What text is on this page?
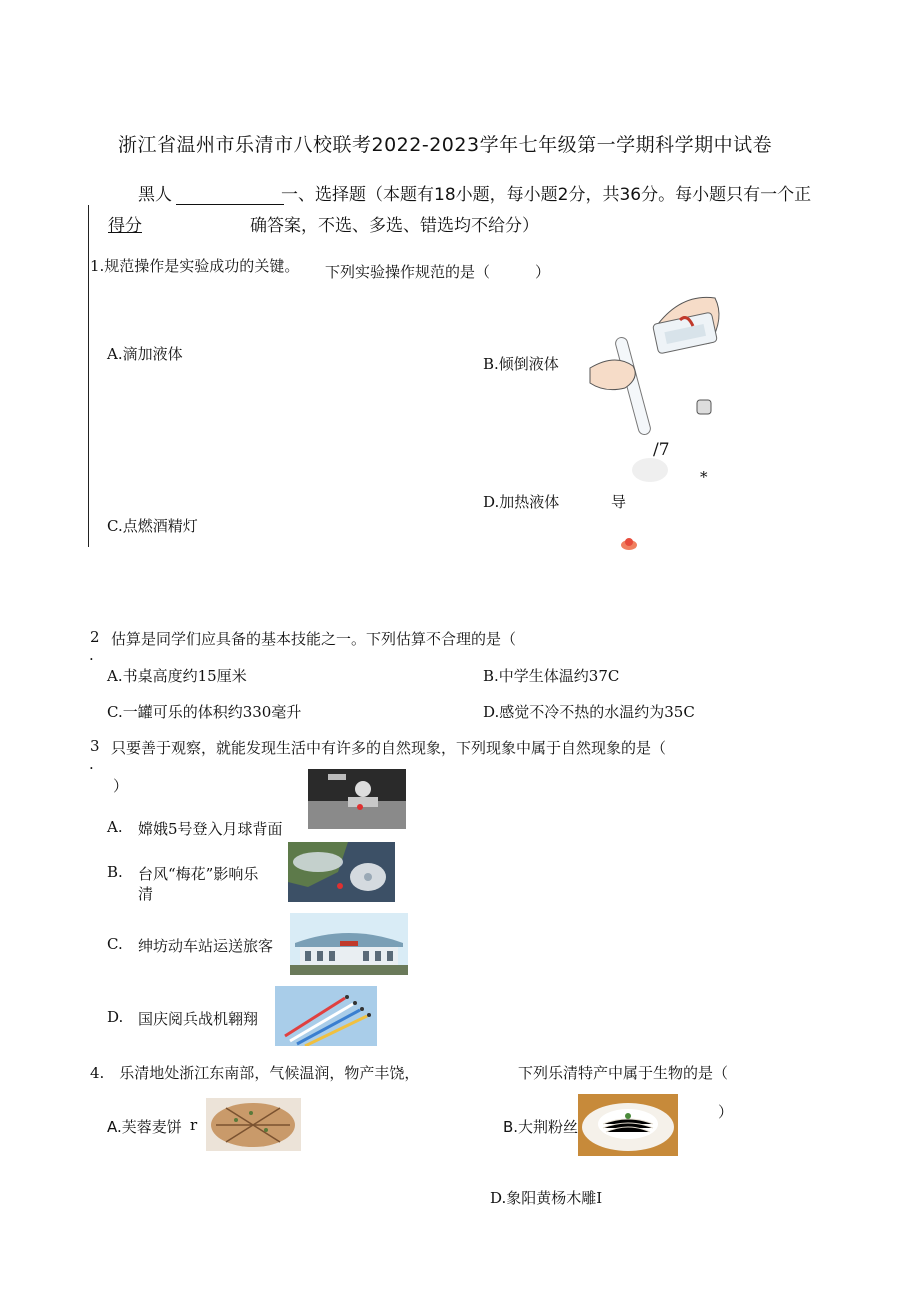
浙江省温州市乐清市八校联考2022-2023学年七年级第一学期科学期中试卷
黑人	一、选择题（本题有18小题，每小题2分，共36分。每小题只有一个正
得分	确答案，不选、多选、错选均不给分）
1.规范操作是实验成功的关键。 下列实验操作规范的是（　　　）
A.滴加液体
B.倾倒液体
C.点燃酒精灯
D.加热液体
/7
*
导
2
·
估算是同学们应具备的基本技能之一。下列估算不合理的是（
A.书桌高度约15厘米	B.中学生体温约37C
C.一罐可乐的体积约330毫升	D.感觉不冷不热的水温约为35C
3
·
只要善于观察，就能发现生活中有许多的自然现象，下列现象中属于自然现象的是（
）
A. 嫦娥5号登入月球背面
B. 台风“梅花”影响乐
清
C. 绅坊动车站运送旅客
D. 国庆阅兵战机翱翔
4.　乐清地处浙江东南部，气候温润，物产丰饶，	下列乐清特产中属于生物的是（
）
A.芙蓉麦饼 r	B.大荆粉丝
D.象阳黄杨木雕Ⅰ
